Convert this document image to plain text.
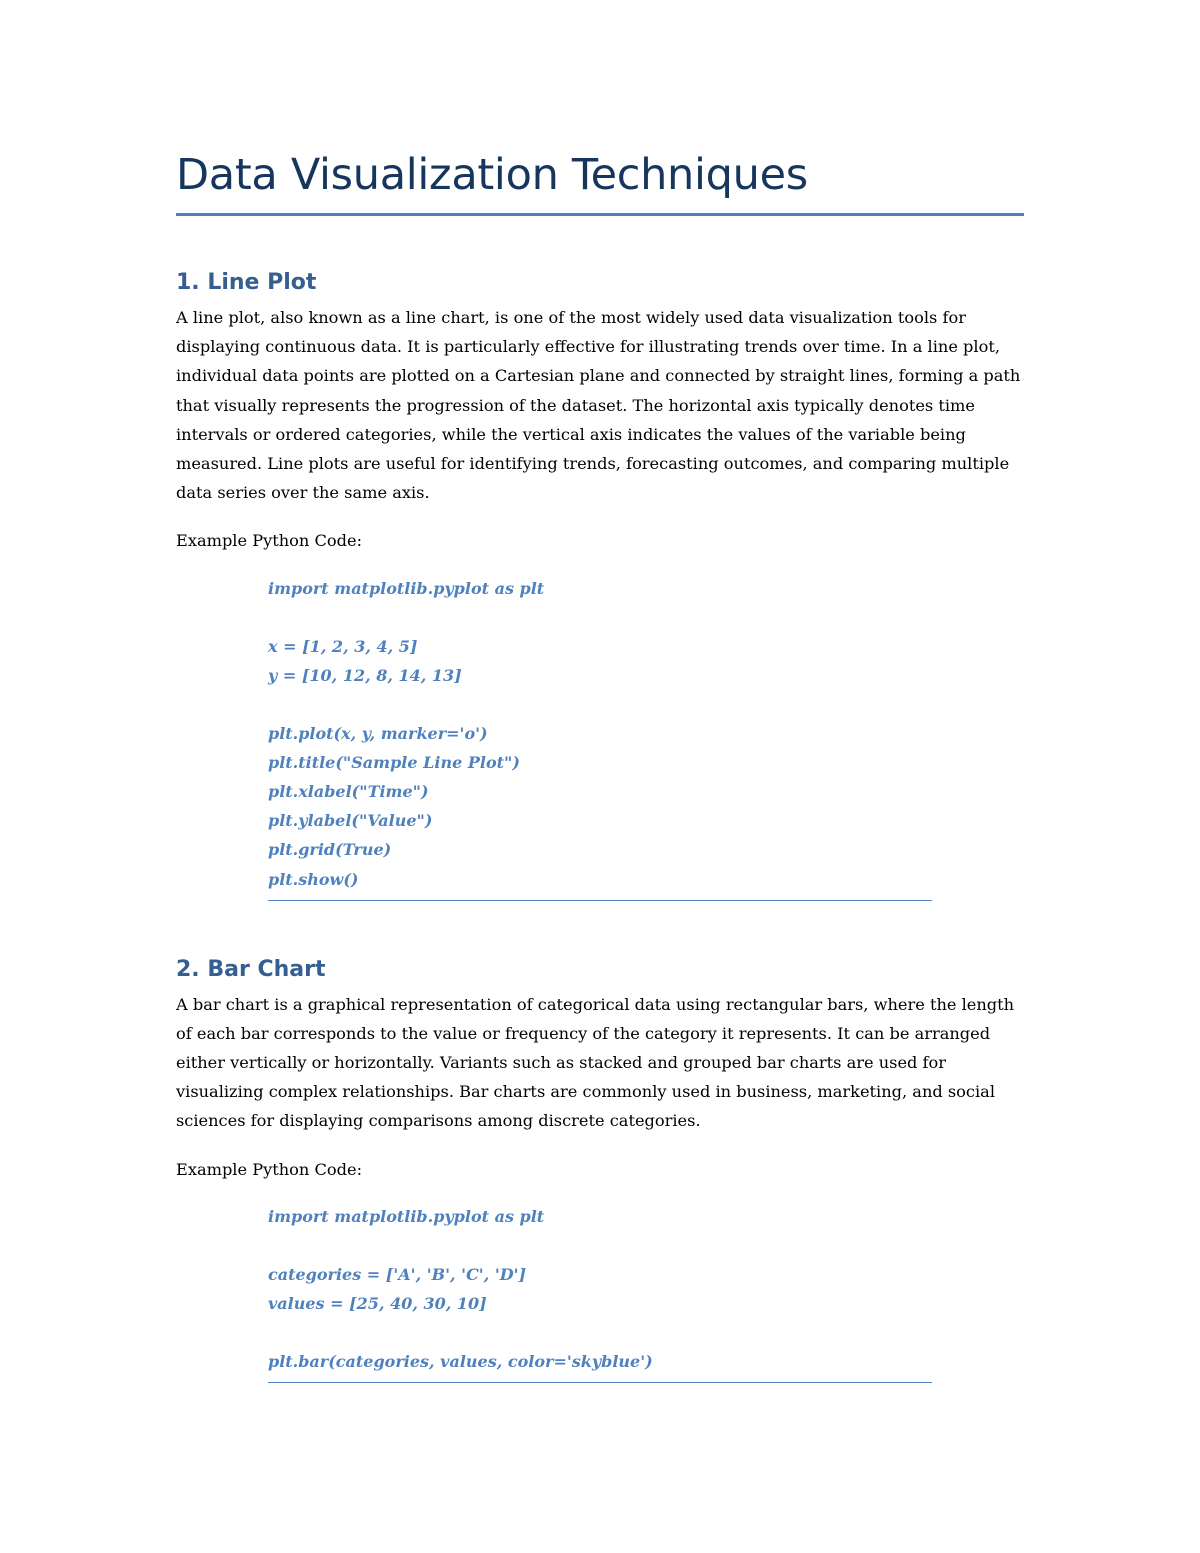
Data Visualization Techniques
1. Line Plot

A line plot, also known as a line chart, is one of the most widely used data visualization tools for displaying continuous data. It is particularly effective for illustrating trends over time. In a line plot, individual data points are plotted on a Cartesian plane and connected by straight lines, forming a path that visually represents the progression of the dataset. The horizontal axis typically denotes time intervals or ordered categories, while the vertical axis indicates the values of the variable being measured. Line plots are useful for identifying trends, forecasting outcomes, and comparing multiple data series over the same axis.

Example Python Code:

import matplotlib.pyplot as plt
x = [1, 2, 3, 4, 5]
y = [10, 12, 8, 14, 13]
plt.plot(x, y, marker='o')
plt.title("Sample Line Plot")
plt.xlabel("Time")
plt.ylabel("Value")
plt.grid(True)
plt.show()
2. Bar Chart

A bar chart is a graphical representation of categorical data using rectangular bars, where the length of each bar corresponds to the value or frequency of the category it represents. It can be arranged either vertically or horizontally. Variants such as stacked and grouped bar charts are used for visualizing complex relationships. Bar charts are commonly used in business, marketing, and social sciences for displaying comparisons among discrete categories.

Example Python Code:

import matplotlib.pyplot as plt
categories = ['A', 'B', 'C', 'D']
values = [25, 40, 30, 10]
plt.bar(categories, values, color='skyblue')
